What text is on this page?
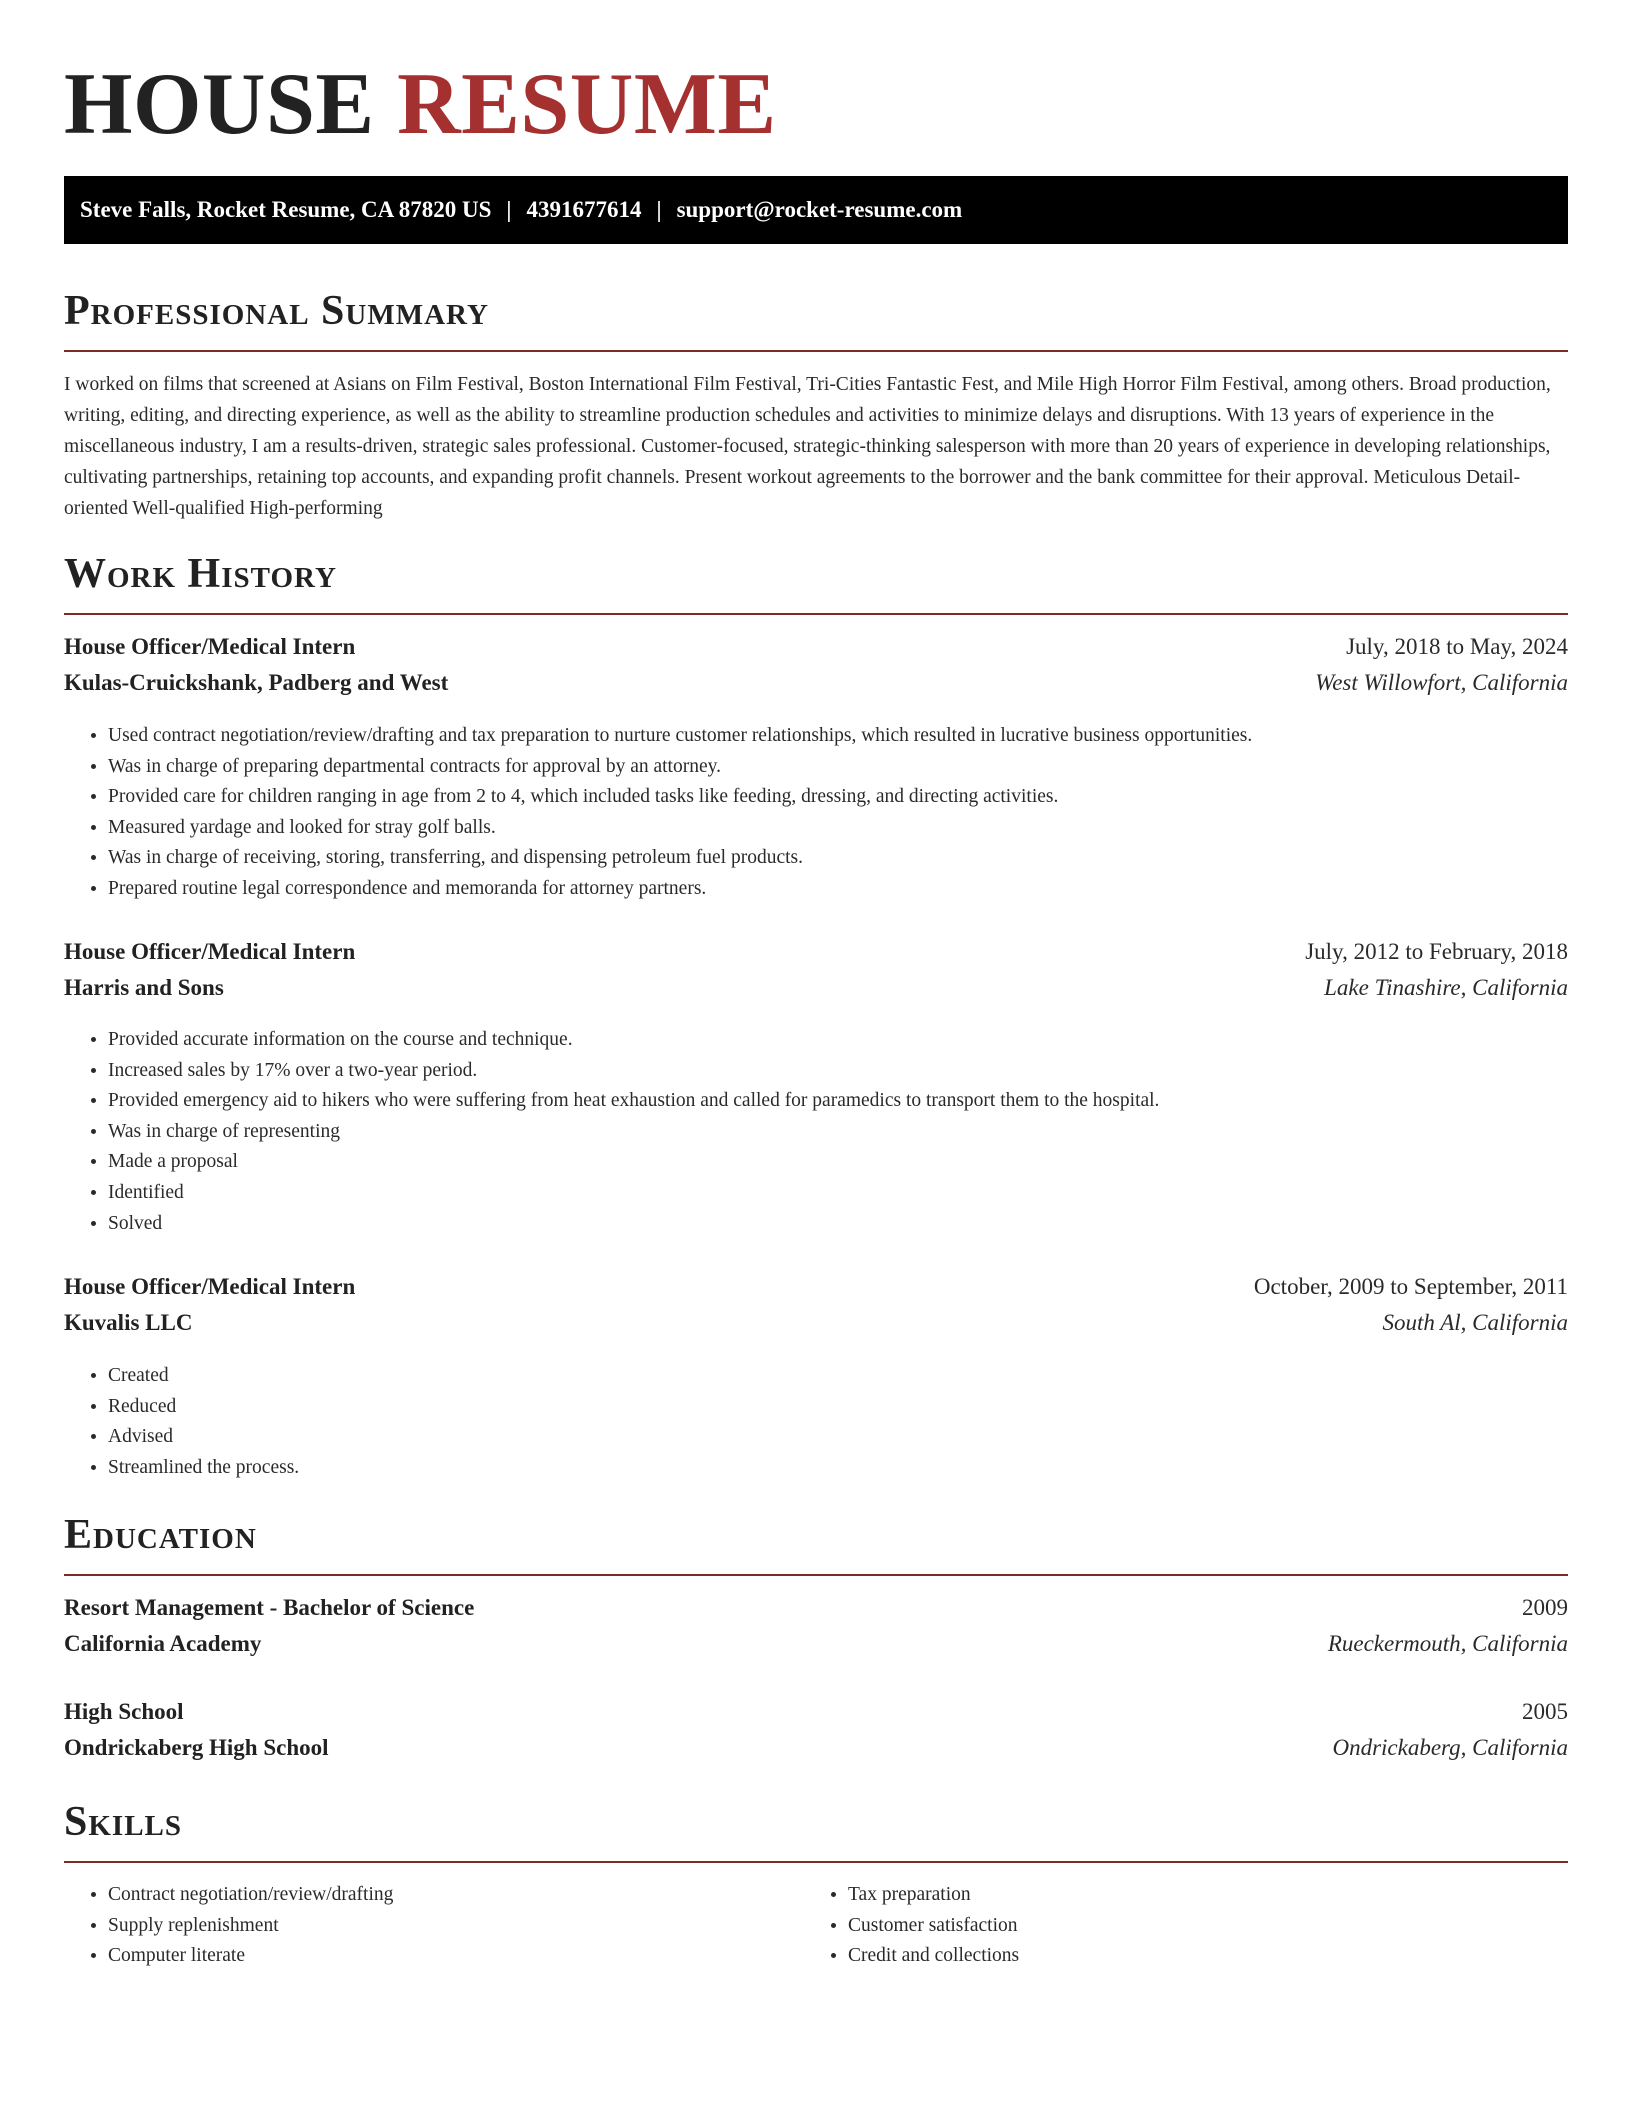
HOUSE RESUME
Steve Falls, Rocket Resume, CA 87820 US | 4391677614 | support@rocket-resume.com
Professional Summary

I worked on films that screened at Asians on Film Festival, Boston International Film Festival, Tri-Cities Fantastic Fest, and Mile High Horror Film Festival, among others. Broad production, writing, editing, and directing experience, as well as the ability to streamline production schedules and activities to minimize delays and disruptions. With 13 years of experience in the miscellaneous industry, I am a results-driven, strategic sales professional. Customer-focused, strategic-thinking salesperson with more than 20 years of experience in developing relationships, cultivating partnerships, retaining top accounts, and expanding profit channels. Present workout agreements to the borrower and the bank committee for their approval. Meticulous Detail-oriented Well-qualified High-performing

Work History
House Officer/Medical Intern	July, 2018 to May, 2024
Kulas-Cruickshank, Padberg and West	West Willowfort, California
• Used contract negotiation/review/drafting and tax preparation to nurture customer relationships, which resulted in lucrative business opportunities.
• Was in charge of preparing departmental contracts for approval by an attorney.
• Provided care for children ranging in age from 2 to 4, which included tasks like feeding, dressing, and directing activities.
• Measured yardage and looked for stray golf balls.
• Was in charge of receiving, storing, transferring, and dispensing petroleum fuel products.
• Prepared routine legal correspondence and memoranda for attorney partners.
House Officer/Medical Intern	July, 2012 to February, 2018
Harris and Sons	Lake Tinashire, California
• Provided accurate information on the course and technique.
• Increased sales by 17% over a two-year period.
• Provided emergency aid to hikers who were suffering from heat exhaustion and called for paramedics to transport them to the hospital.
• Was in charge of representing
• Made a proposal
• Identified
• Solved
House Officer/Medical Intern	October, 2009 to September, 2011
Kuvalis LLC	South Al, California
• Created
• Reduced
• Advised
• Streamlined the process.
Education
Resort Management - Bachelor of Science	2009
California Academy	Rueckermouth, California
High School	2005
Ondrickaberg High School	Ondrickaberg, California
Skills
• Contract negotiation/review/drafting
• Supply replenishment
• Computer literate
• Tax preparation
• Customer satisfaction
• Credit and collections
